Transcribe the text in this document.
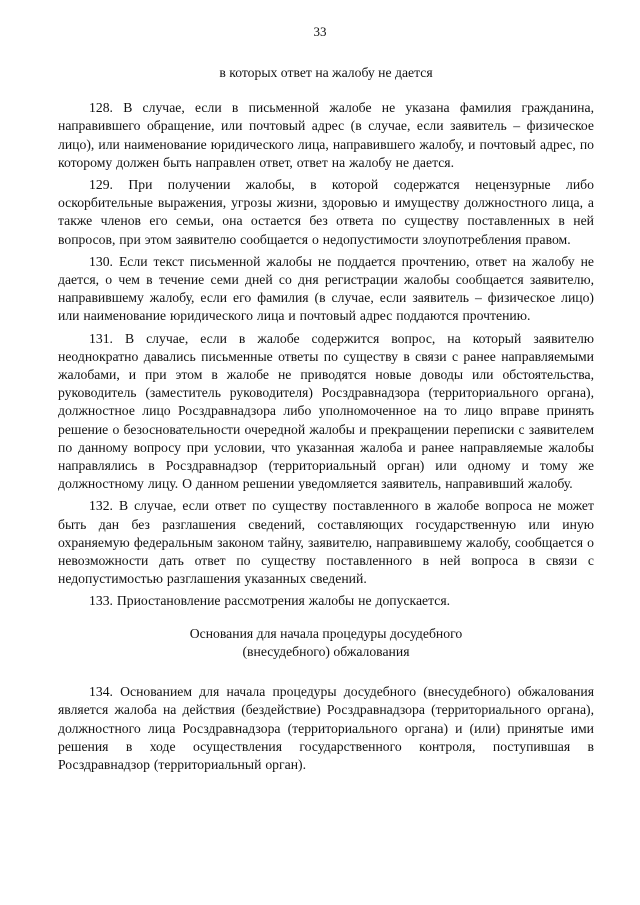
33

в которых ответ на жалобу не дается

128. В случае, если в письменной жалобе не указана фамилия гражданина, направившего обращение, или почтовый адрес (в случае, если заявитель – физическое лицо), или наименование юридического лица, направившего жалобу, и почтовый адрес, по которому должен быть направлен ответ, ответ на жалобу не дается.

129. При получении жалобы, в которой содержатся нецензурные либо оскорбительные выражения, угрозы жизни, здоровью и имуществу должностного лица, а также членов его семьи, она остается без ответа по существу поставленных в ней вопросов, при этом заявителю сообщается о недопустимости злоупотребления правом.

130. Если текст письменной жалобы не поддается прочтению, ответ на жалобу не дается, о чем в течение семи дней со дня регистрации жалобы сообщается заявителю, направившему жалобу, если его фамилия (в случае, если заявитель – физическое лицо) или наименование юридического лица и почтовый адрес поддаются прочтению.

131. В случае, если в жалобе содержится вопрос, на который заявителю неоднократно давались письменные ответы по существу в связи с ранее направляемыми жалобами, и при этом в жалобе не приводятся новые доводы или обстоятельства, руководитель (заместитель руководителя) Росздравнадзора (территориального органа), должностное лицо Росздравнадзора либо уполномоченное на то лицо вправе принять решение о безосновательности очередной жалобы и прекращении переписки с заявителем по данному вопросу при условии, что указанная жалоба и ранее направляемые жалобы направлялись в Росздравнадзор (территориальный орган) или одному и тому же должностному лицу. О данном решении уведомляется заявитель, направивший жалобу.

132. В случае, если ответ по существу поставленного в жалобе вопроса не может быть дан без разглашения сведений, составляющих государственную или иную охраняемую федеральным законом тайну, заявителю, направившему жалобу, сообщается о невозможности дать ответ по существу поставленного в ней вопроса в связи с недопустимостью разглашения указанных сведений.

133. Приостановление рассмотрения жалобы не допускается.

Основания для начала процедуры досудебного
(внесудебного) обжалования

134. Основанием для начала процедуры досудебного (внесудебного) обжалования является жалоба на действия (бездействие) Росздравнадзора (территориального органа), должностного лица Росздравнадзора (территориального органа) и (или) принятые ими решения в ходе осуществления государственного контроля, поступившая в Росздравнадзор (территориальный орган).
